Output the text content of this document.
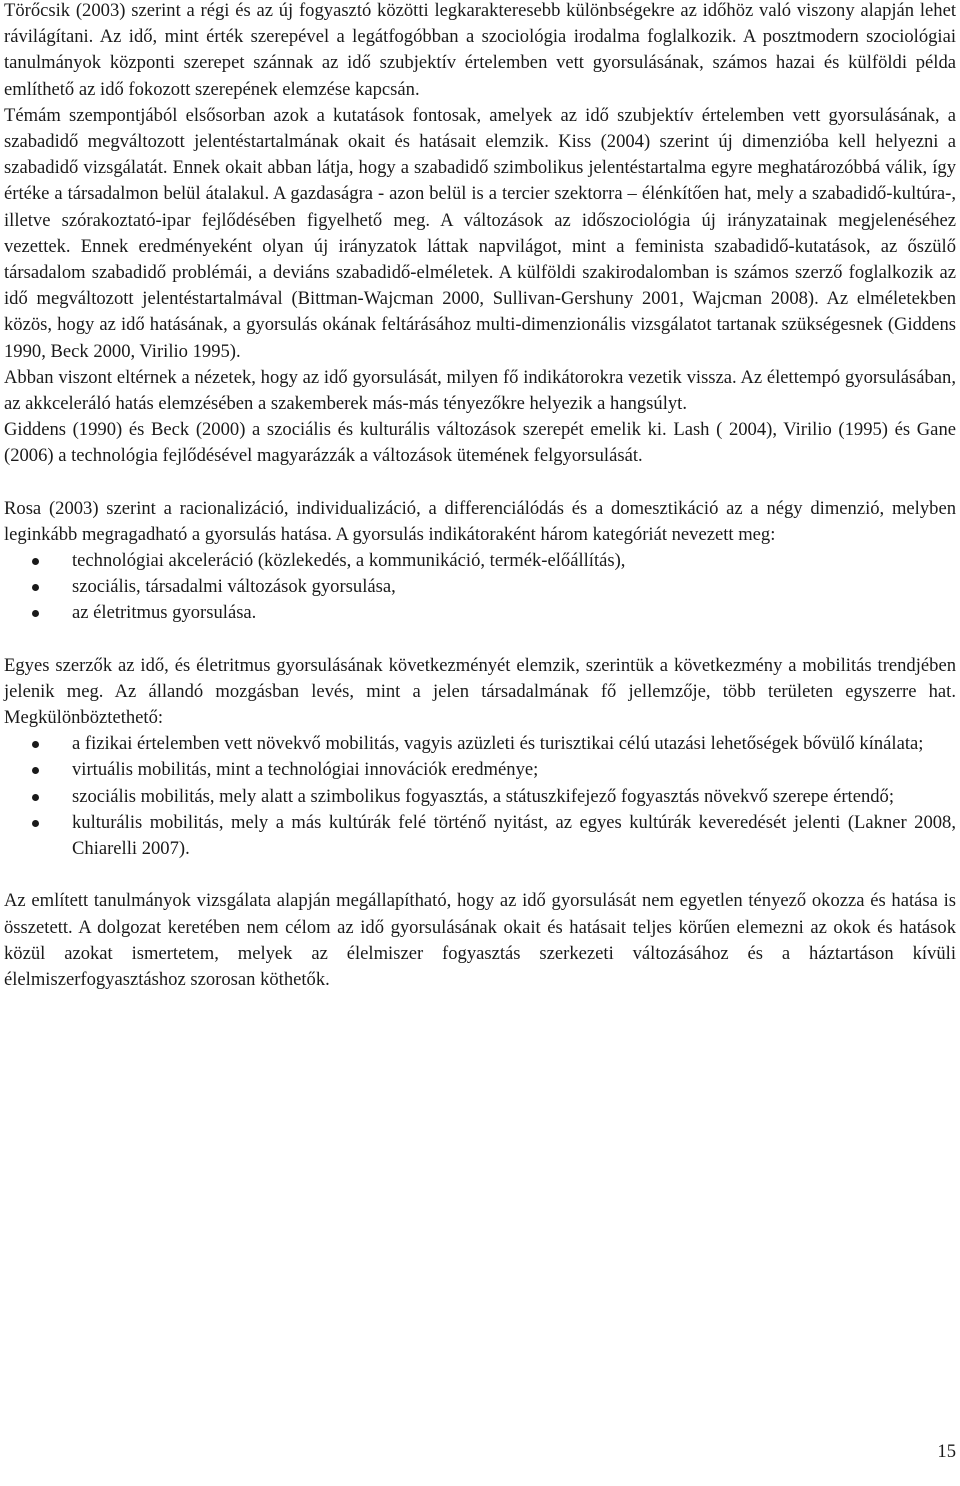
Törőcsik (2003) szerint a régi és az új fogyasztó közötti legkarakteresebb különbségekre az időhöz való viszony alapján lehet rávilágítani. Az idő, mint érték szerepével a legátfogóbban a szociológia irodalma foglalkozik. A posztmodern szociológiai tanulmányok központi szerepet szánnak az idő szubjektív értelemben vett gyorsulásának, számos hazai és külföldi példa említhető az idő fokozott szerepének elemzése kapcsán.

Témám szempontjából elsősorban azok a kutatások fontosak, amelyek az idő szubjektív értelemben vett gyorsulásának, a szabadidő megváltozott jelentéstartalmának okait és hatásait elemzik. Kiss (2004) szerint új dimenzióba kell helyezni a szabadidő vizsgálatát. Ennek okait abban látja, hogy a szabadidő szimbolikus jelentéstartalma egyre meghatározóbbá válik, így értéke a társadalmon belül átalakul. A gazdaságra - azon belül is a tercier szektorra – élénkítően hat, mely a szabadidő-kultúra-, illetve szórakoztató-ipar fejlődésében figyelhető meg. A változások az időszociológia új irányzatainak megjelenéséhez vezettek. Ennek eredményeként olyan új irányzatok láttak napvilágot, mint a feminista szabadidő-kutatások, az őszülő társadalom szabadidő problémái, a deviáns szabadidő-elméletek. A külföldi szakirodalomban is számos szerző foglalkozik az idő megváltozott jelentéstartalmával (Bittman-Wajcman 2000, Sullivan-Gershuny 2001, Wajcman 2008). Az elméletekben közös, hogy az idő hatásának, a gyorsulás okának feltárásához multi-dimenzionális vizsgálatot tartanak szükségesnek (Giddens 1990, Beck 2000, Virilio 1995).

Abban viszont eltérnek a nézetek, hogy az idő gyorsulását, milyen fő indikátorokra vezetik vissza. Az élettempó gyorsulásában, az akkceleráló hatás elemzésében a szakemberek más-más tényezőkre helyezik a hangsúlyt.

Giddens (1990) és Beck (2000) a szociális és kulturális változások szerepét emelik ki. Lash ( 2004), Virilio (1995) és Gane (2006) a technológia fejlődésével magyarázzák a változások ütemének felgyorsulását.

Rosa (2003) szerint a racionalizáció, individualizáció, a differenciálódás és a domesztikáció az a négy dimenzió, melyben leginkább megragadható a gyorsulás hatása. A gyorsulás indikátoraként három kategóriát nevezett meg:

technológiai akceleráció (közlekedés, a kommunikáció, termék-előállítás),
szociális, társadalmi változások gyorsulása,
az életritmus gyorsulása.

Egyes szerzők az idő, és életritmus gyorsulásának következményét elemzik, szerintük a következmény a mobilitás trendjében jelenik meg. Az állandó mozgásban levés, mint a jelen társadalmának fő jellemzője, több területen egyszerre hat. Megkülönböztethető:

a fizikai értelemben vett növekvő mobilitás, vagyis azüzleti és turisztikai célú utazási lehetőségek bővülő kínálata;
virtuális mobilitás, mint a technológiai innovációk eredménye;
szociális mobilitás, mely alatt a szimbolikus fogyasztás, a státuszkifejező fogyasztás növekvő szerepe értendő;
kulturális mobilitás, mely a más kultúrák felé történő nyitást, az egyes kultúrák keveredését jelenti (Lakner 2008, Chiarelli 2007).

Az említett tanulmányok vizsgálata alapján megállapítható, hogy az idő gyorsulását nem egyetlen tényező okozza és hatása is összetett. A dolgozat keretében nem célom az idő gyorsulásának okait és hatásait teljes körűen elemezni az okok és hatások közül azokat ismertetem, melyek az élelmiszer fogyasztás szerkezeti változásához és a háztartáson kívüli élelmiszerfogyasztáshoz szorosan köthetők.

15
